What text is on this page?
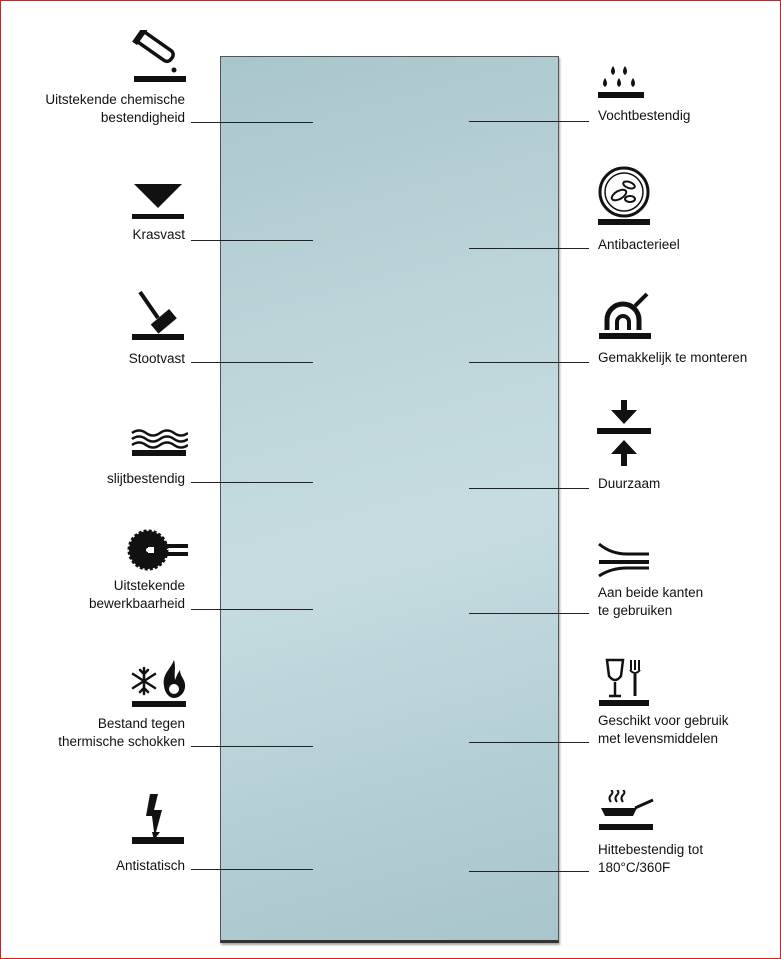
Uitstekende chemische
bestendigheid
Krasvast
Stootvast
slijtbestendig
Uitstekende
bewerkbaarheid
Bestand tegen
thermische schokken
Antistatisch
Vochtbestendig
Antibacterieel
Gemakkelijk te monteren
Duurzaam
Aan beide kanten
te gebruiken
Geschikt voor gebruik
met levensmiddelen
Hittebestendig tot
180°C/360F
